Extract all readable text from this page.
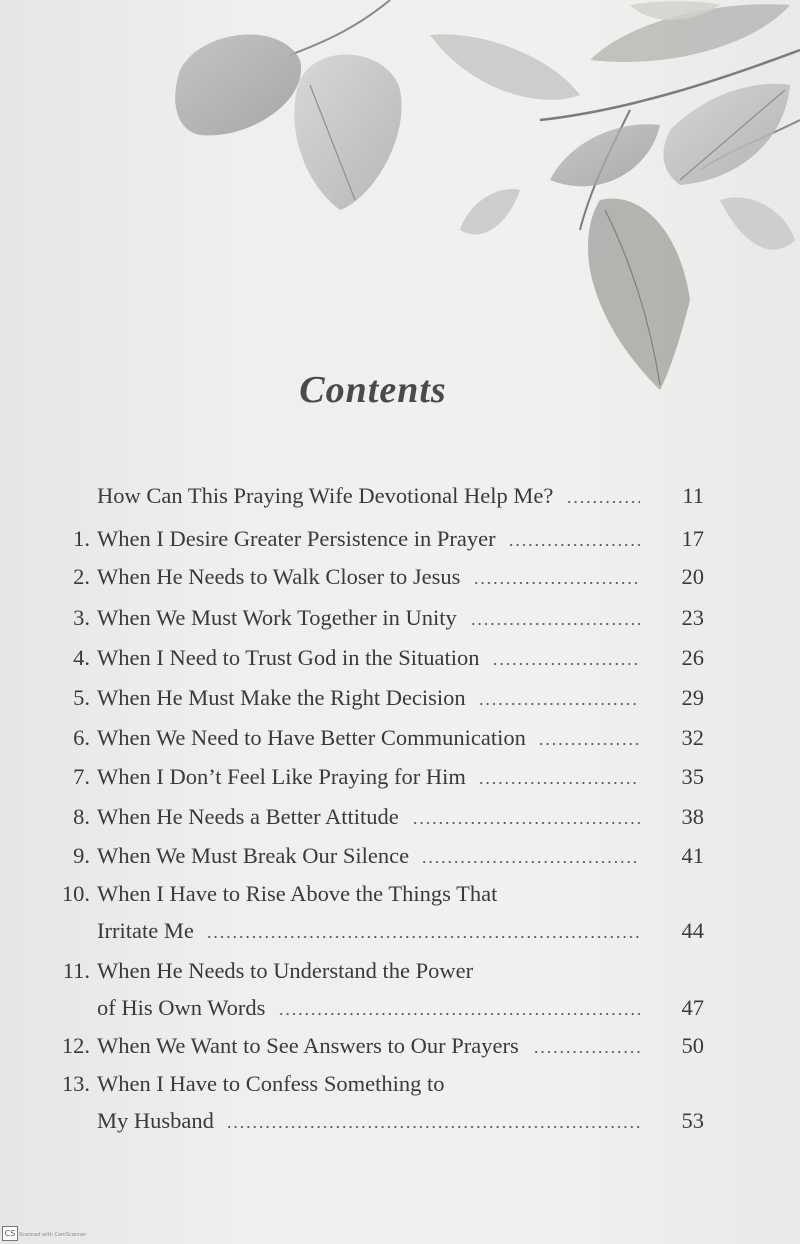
Contents
How Can This Praying Wife Devotional Help Me?	11
1. When I Desire Greater Persistence in Prayer	17
2. When He Needs to Walk Closer to Jesus	20
3. When We Must Work Together in Unity	23
4. When I Need to Trust God in the Situation	26
5. When He Must Make the Right Decision	29
6. When We Need to Have Better Communication	32
7. When I Don’t Feel Like Praying for Him	35
8. When He Needs a Better Attitude	38
9. When We Must Break Our Silence	41
10. When I Have to Rise Above the Things That
Irritate Me	44
11. When He Needs to Understand the Power
of His Own Words	47
12. When We Want to See Answers to Our Prayers	50
13. When I Have to Confess Something to
My Husband	53
CS Scanned with CamScanner
